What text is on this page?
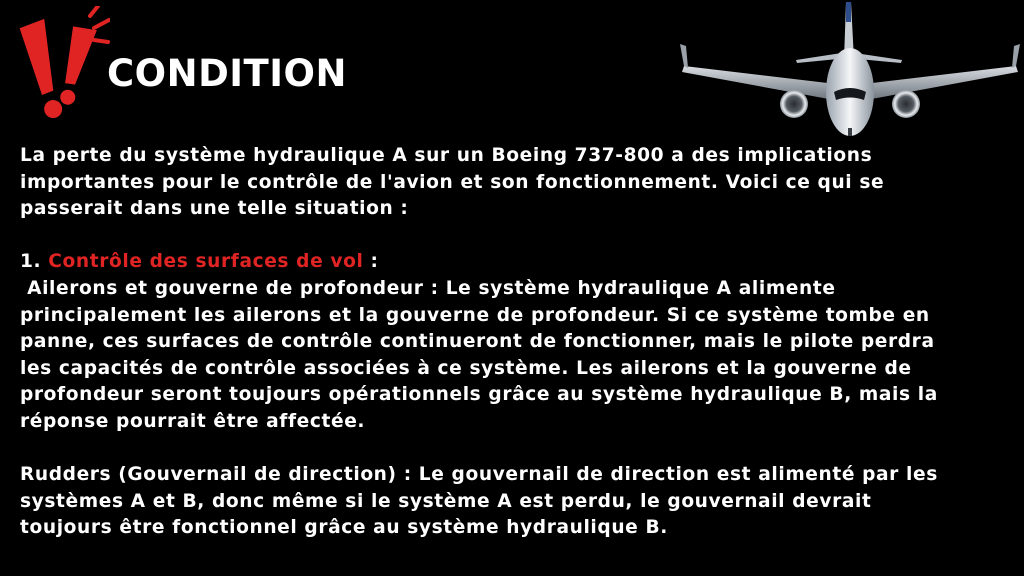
CONDITION
La perte du système hydraulique A sur un Boeing 737-800 a des implications
importantes pour le contrôle de l'avion et son fonctionnement. Voici ce qui se
passerait dans une telle situation :
1. Contrôle des surfaces de vol :
Ailerons et gouverne de profondeur : Le système hydraulique A alimente
principalement les ailerons et la gouverne de profondeur. Si ce système tombe en
panne, ces surfaces de contrôle continueront de fonctionner, mais le pilote perdra
les capacités de contrôle associées à ce système. Les ailerons et la gouverne de
profondeur seront toujours opérationnels grâce au système hydraulique B, mais la
réponse pourrait être affectée.
Rudders (Gouvernail de direction) : Le gouvernail de direction est alimenté par les
systèmes A et B, donc même si le système A est perdu, le gouvernail devrait
toujours être fonctionnel grâce au système hydraulique B.
